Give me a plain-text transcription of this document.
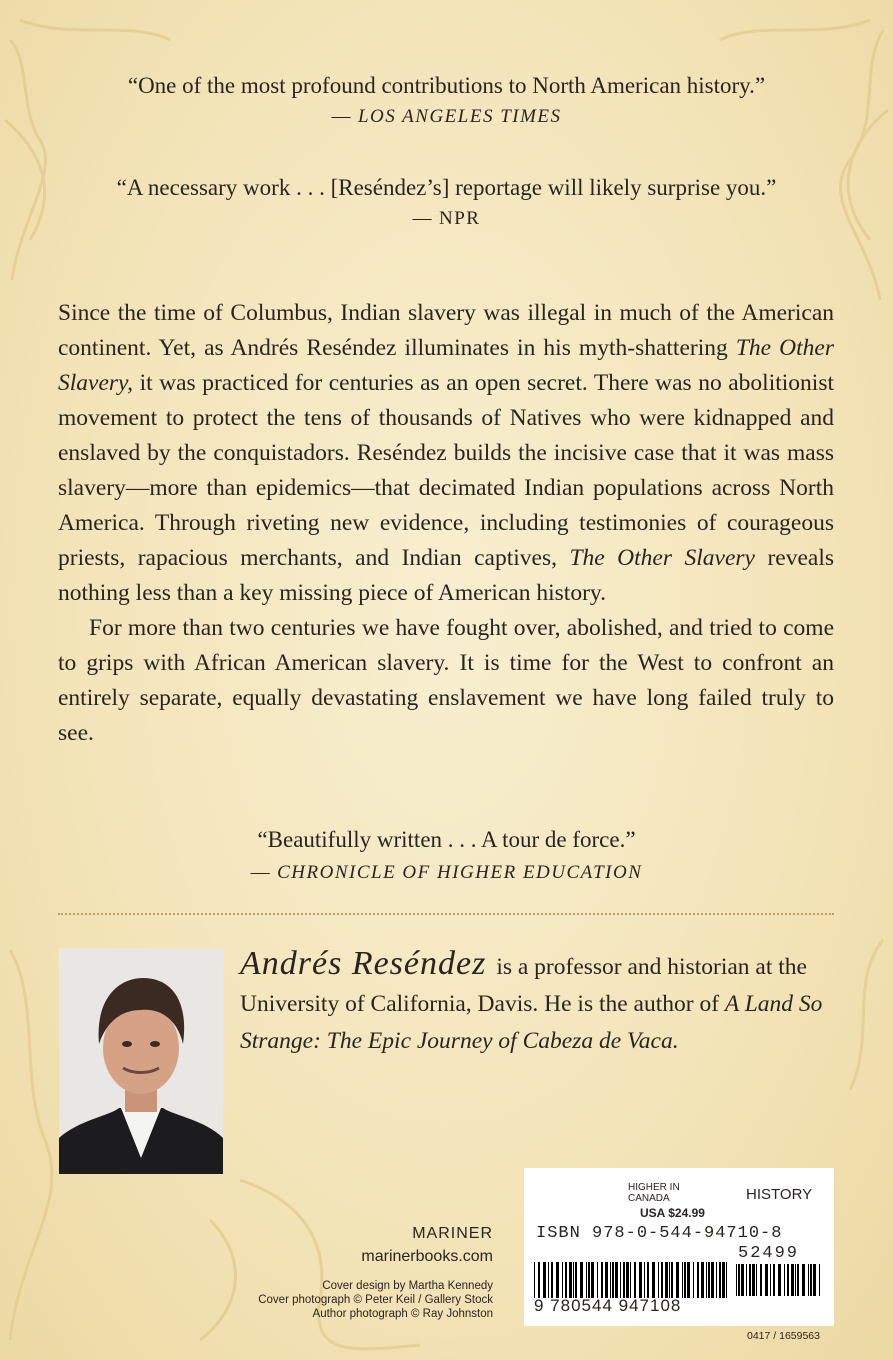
“One of the most profound contributions to North American history.”
— LOS ANGELES TIMES
“A necessary work . . . [Reséndez’s] reportage will likely surprise you.”
— NPR

Since the time of Columbus, Indian slavery was illegal in much of the American continent. Yet, as Andrés Reséndez illuminates in his myth-shattering The Other Slavery, it was practiced for centuries as an open secret. There was no abolitionist movement to protect the tens of thousands of Natives who were kidnapped and enslaved by the conquistadors. Reséndez builds the incisive case that it was mass slavery—more than epidemics—that decimated Indian populations across North America. Through riveting new evidence, including testimonies of courageous priests, rapacious merchants, and Indian captives, The Other Slavery reveals nothing less than a key missing piece of American history.

For more than two centuries we have fought over, abolished, and tried to come to grips with African American slavery. It is time for the West to confront an entirely separate, equally devastating enslavement we have long failed truly to see.

“Beautifully written . . . A tour de force.”
— CHRONICLE OF HIGHER EDUCATION
Andrés Reséndez is a professor and historian at the University of California, Davis. He is the author of A Land So Strange: The Epic Journey of Cabeza de Vaca.
MARINER
marinerbooks.com
Cover design by Martha Kennedy
Cover photograph © Peter Keil / Gallery Stock
Author photograph © Ray Johnston
HIGHER IN
CANADA
USA $24.99
HISTORY
ISBN 978-0-544-94710-8
52499
9 780544 947108
0417 / 1659563
